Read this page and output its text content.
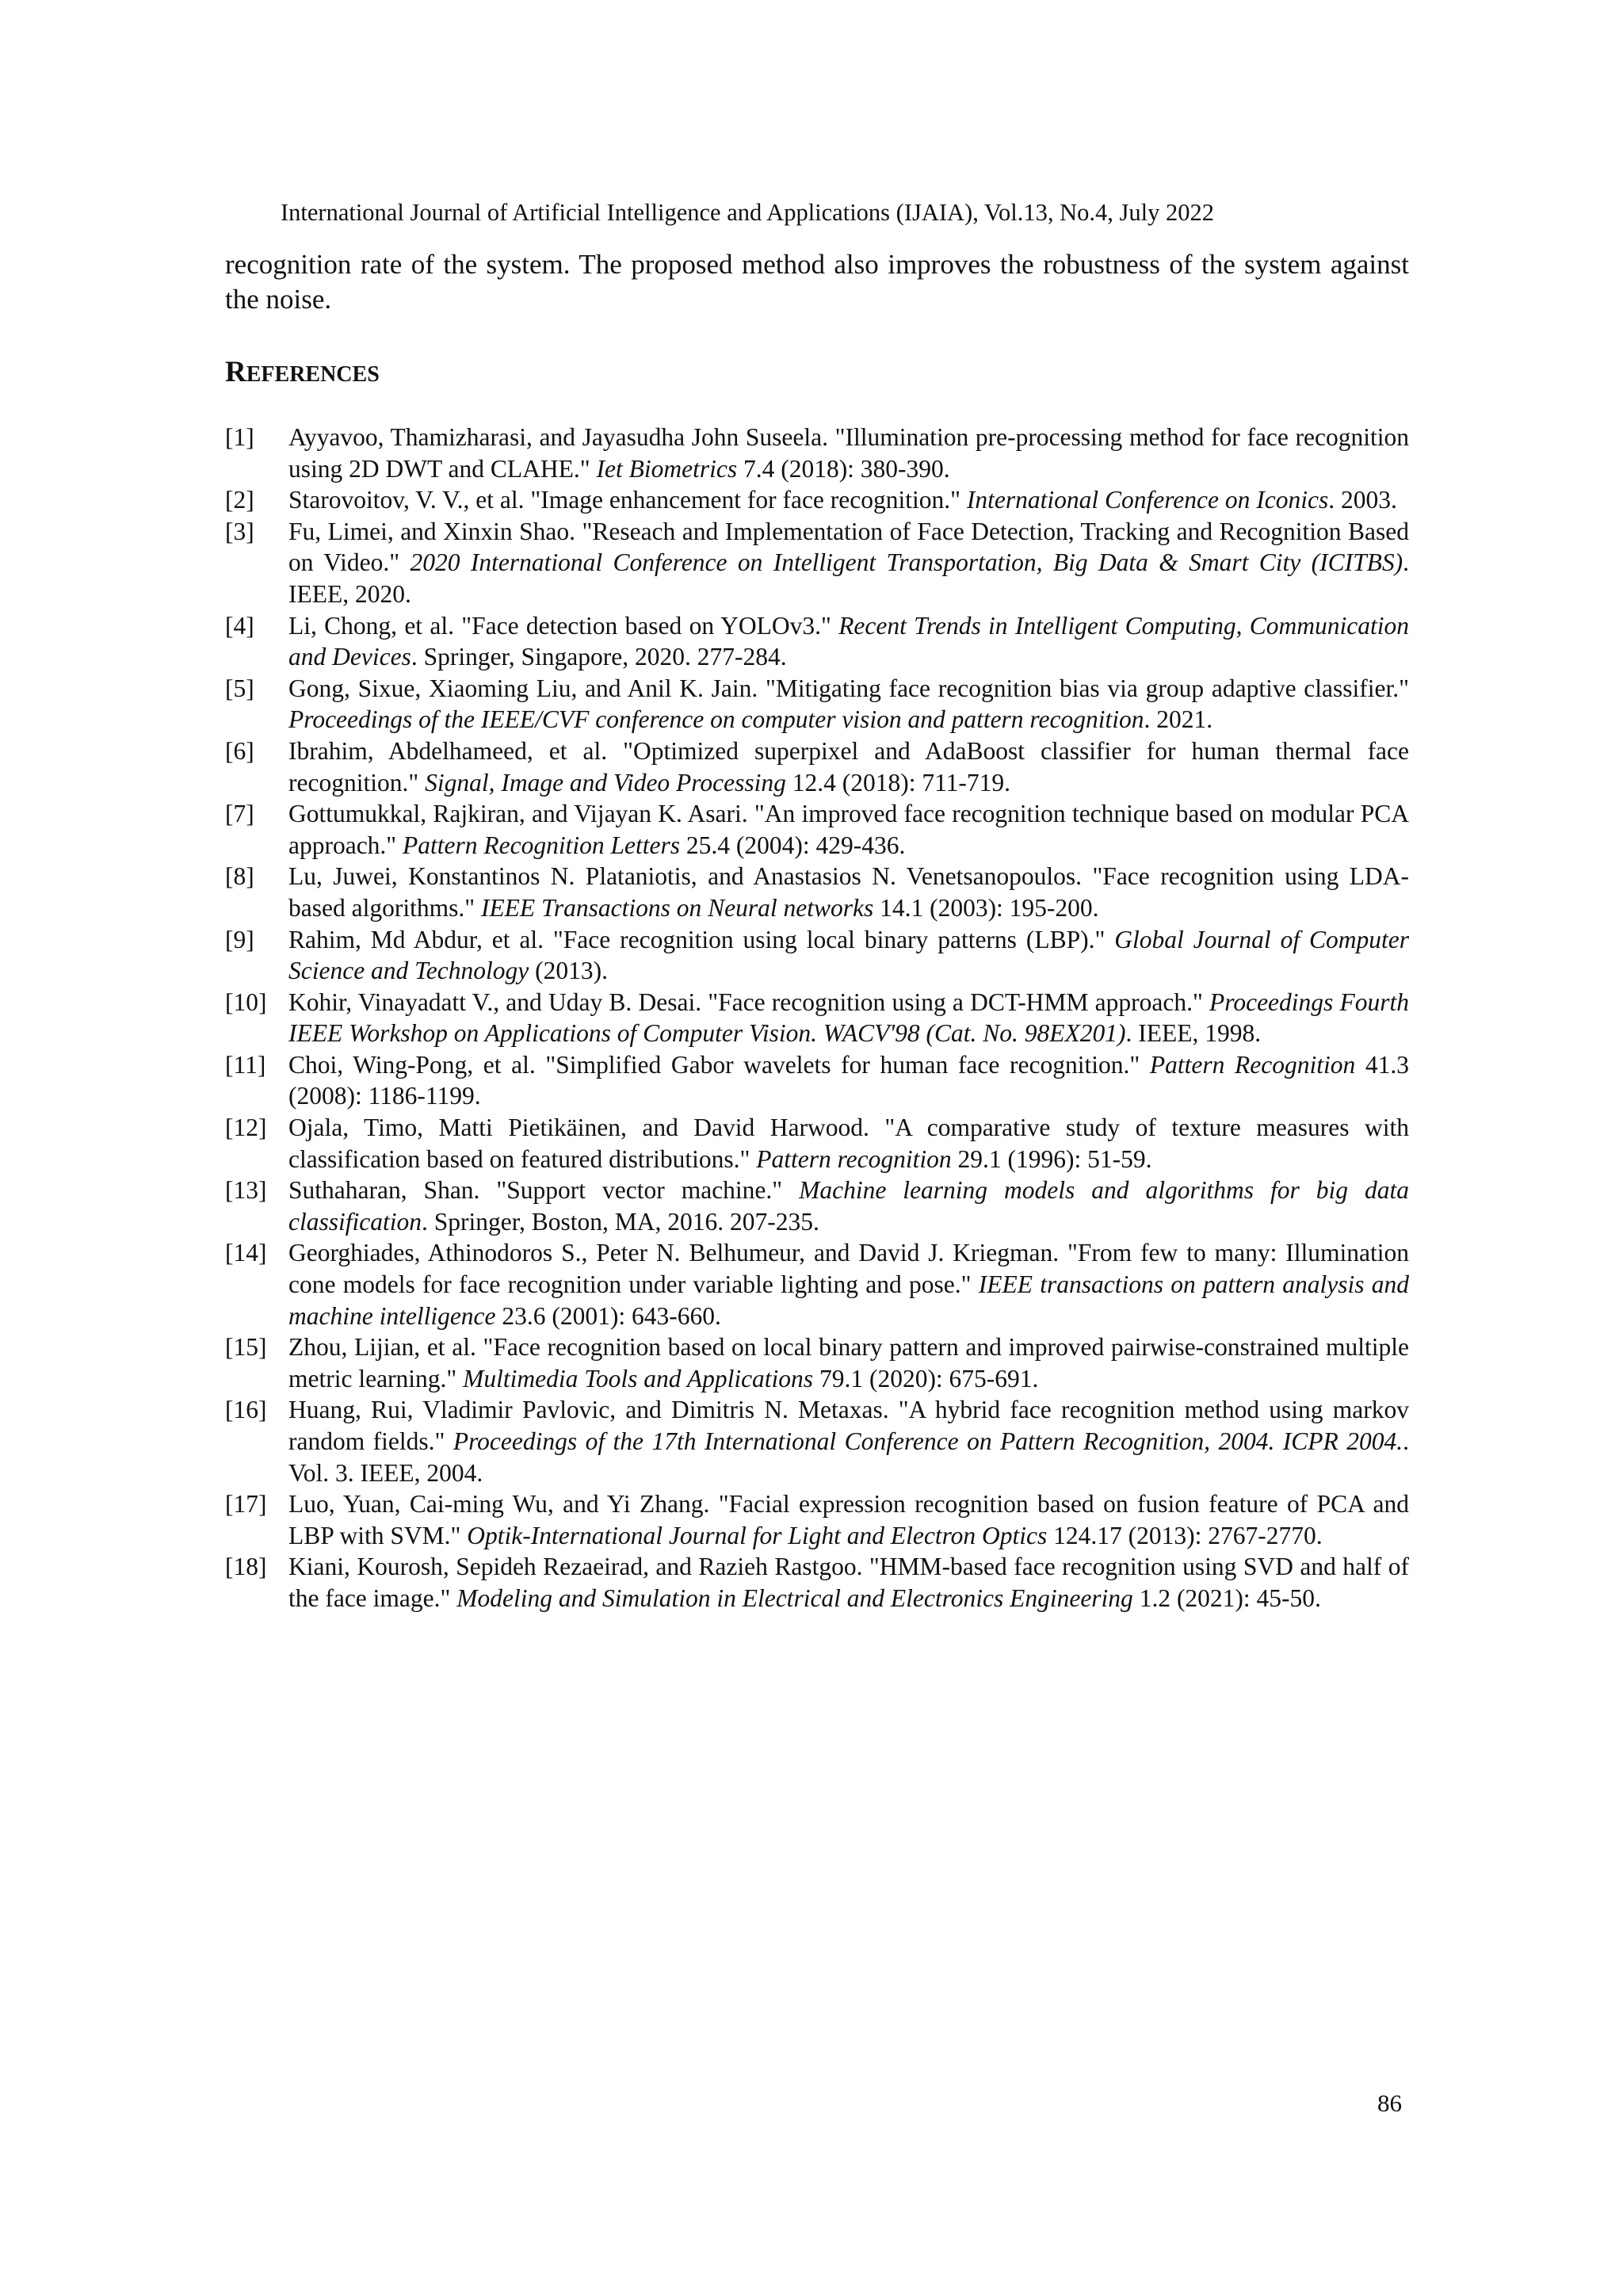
International Journal of Artificial Intelligence and Applications (IJAIA), Vol.13, No.4, July 2022

recognition rate of the system. The proposed method also improves the robustness of the system against the noise.

REFERENCES
[1] Ayyavoo, Thamizharasi, and Jayasudha John Suseela. "Illumination pre-processing method for face recognition using 2D DWT and CLAHE." Iet Biometrics 7.4 (2018): 380-390.
[2] Starovoitov, V. V., et al. "Image enhancement for face recognition." International Conference on Iconics. 2003.
[3] Fu, Limei, and Xinxin Shao. "Reseach and Implementation of Face Detection, Tracking and Recognition Based on Video." 2020 International Conference on Intelligent Transportation, Big Data & Smart City (ICITBS). IEEE, 2020.
[4] Li, Chong, et al. "Face detection based on YOLOv3." Recent Trends in Intelligent Computing, Communication and Devices. Springer, Singapore, 2020. 277-284.
[5] Gong, Sixue, Xiaoming Liu, and Anil K. Jain. "Mitigating face recognition bias via group adaptive classifier." Proceedings of the IEEE/CVF conference on computer vision and pattern recognition. 2021.
[6] Ibrahim, Abdelhameed, et al. "Optimized superpixel and AdaBoost classifier for human thermal face recognition." Signal, Image and Video Processing 12.4 (2018): 711-719.
[7] Gottumukkal, Rajkiran, and Vijayan K. Asari. "An improved face recognition technique based on modular PCA approach." Pattern Recognition Letters 25.4 (2004): 429-436.
[8] Lu, Juwei, Konstantinos N. Plataniotis, and Anastasios N. Venetsanopoulos. "Face recognition using LDA-based algorithms." IEEE Transactions on Neural networks 14.1 (2003): 195-200.
[9] Rahim, Md Abdur, et al. "Face recognition using local binary patterns (LBP)." Global Journal of Computer Science and Technology (2013).
[10] Kohir, Vinayadatt V., and Uday B. Desai. "Face recognition using a DCT-HMM approach." Proceedings Fourth IEEE Workshop on Applications of Computer Vision. WACV'98 (Cat. No. 98EX201). IEEE, 1998.
[11] Choi, Wing-Pong, et al. "Simplified Gabor wavelets for human face recognition." Pattern Recognition 41.3 (2008): 1186-1199.
[12] Ojala, Timo, Matti Pietikäinen, and David Harwood. "A comparative study of texture measures with classification based on featured distributions." Pattern recognition 29.1 (1996): 51-59.
[13] Suthaharan, Shan. "Support vector machine." Machine learning models and algorithms for big data classification. Springer, Boston, MA, 2016. 207-235.
[14] Georghiades, Athinodoros S., Peter N. Belhumeur, and David J. Kriegman. "From few to many: Illumination cone models for face recognition under variable lighting and pose." IEEE transactions on pattern analysis and machine intelligence 23.6 (2001): 643-660.
[15] Zhou, Lijian, et al. "Face recognition based on local binary pattern and improved pairwise-constrained multiple metric learning." Multimedia Tools and Applications 79.1 (2020): 675-691.
[16] Huang, Rui, Vladimir Pavlovic, and Dimitris N. Metaxas. "A hybrid face recognition method using markov random fields." Proceedings of the 17th International Conference on Pattern Recognition, 2004. ICPR 2004.. Vol. 3. IEEE, 2004.
[17] Luo, Yuan, Cai-ming Wu, and Yi Zhang. "Facial expression recognition based on fusion feature of PCA and LBP with SVM." Optik-International Journal for Light and Electron Optics 124.17 (2013): 2767-2770.
[18] Kiani, Kourosh, Sepideh Rezaeirad, and Razieh Rastgoo. "HMM-based face recognition using SVD and half of the face image." Modeling and Simulation in Electrical and Electronics Engineering 1.2 (2021): 45-50.
86
